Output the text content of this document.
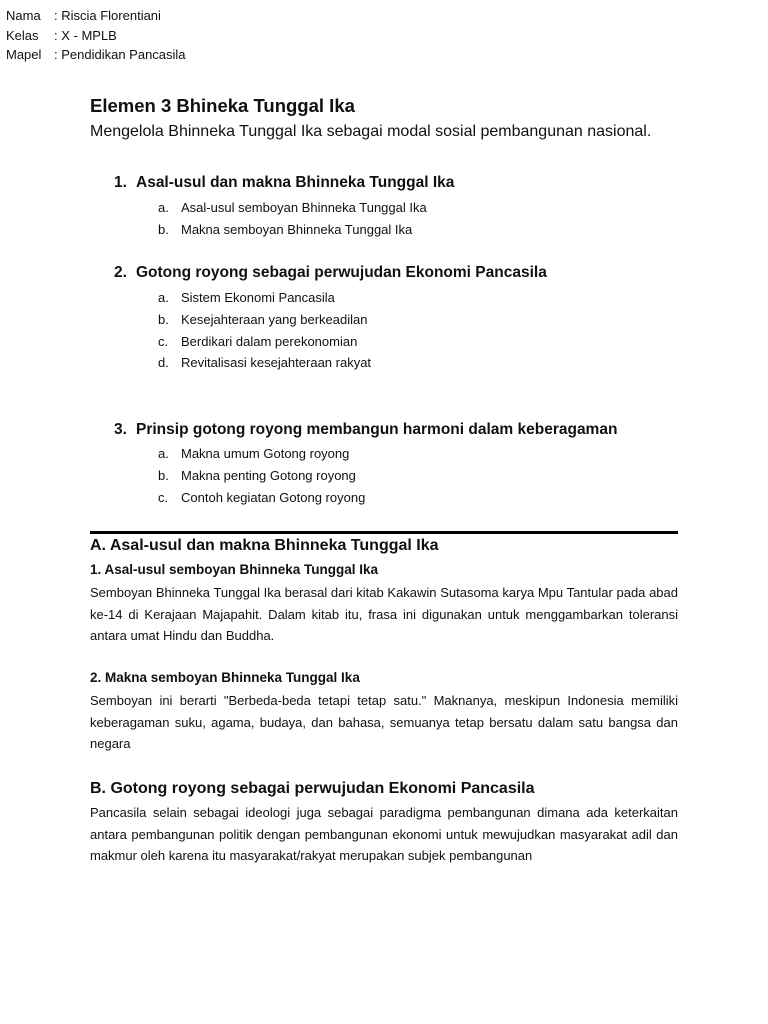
Nama	: Riscia Florentiani
Kelas	: X - MPLB
Mapel : Pendidikan Pancasila
Elemen 3 Bhineka Tunggal Ika

Mengelola Bhinneka Tunggal Ika sebagai modal sosial pembangunan nasional.

1. Asal-usul dan makna Bhinneka Tunggal Ika
a. Asal-usul semboyan Bhinneka Tunggal Ika
b. Makna semboyan Bhinneka Tunggal Ika
2. Gotong royong sebagai perwujudan Ekonomi Pancasila
a. Sistem Ekonomi Pancasila
b. Kesejahteraan yang berkeadilan
c. Berdikari dalam perekonomian
d. Revitalisasi kesejahteraan rakyat
3. Prinsip gotong royong membangun harmoni dalam keberagaman
a. Makna umum Gotong royong
b. Makna penting Gotong royong
c. Contoh kegiatan Gotong royong
A. Asal-usul dan makna Bhinneka Tunggal Ika
1. Asal-usul semboyan Bhinneka Tunggal Ika

Semboyan Bhinneka Tunggal Ika berasal dari kitab Kakawin Sutasoma karya Mpu Tantular pada abad ke-14 di Kerajaan Majapahit. Dalam kitab itu, frasa ini digunakan untuk menggambarkan toleransi antara umat Hindu dan Buddha.

2. Makna semboyan Bhinneka Tunggal Ika

Semboyan ini berarti "Berbeda-beda tetapi tetap satu." Maknanya, meskipun Indonesia memiliki keberagaman suku, agama, budaya, dan bahasa, semuanya tetap bersatu dalam satu bangsa dan negara

B. Gotong royong sebagai perwujudan Ekonomi Pancasila

Pancasila selain sebagai ideologi juga sebagai paradigma pembangunan dimana ada keterkaitan antara pembangunan politik dengan pembangunan ekonomi untuk mewujudkan masyarakat adil dan makmur oleh karena itu masyarakat/rakyat merupakan subjek pembangunan
